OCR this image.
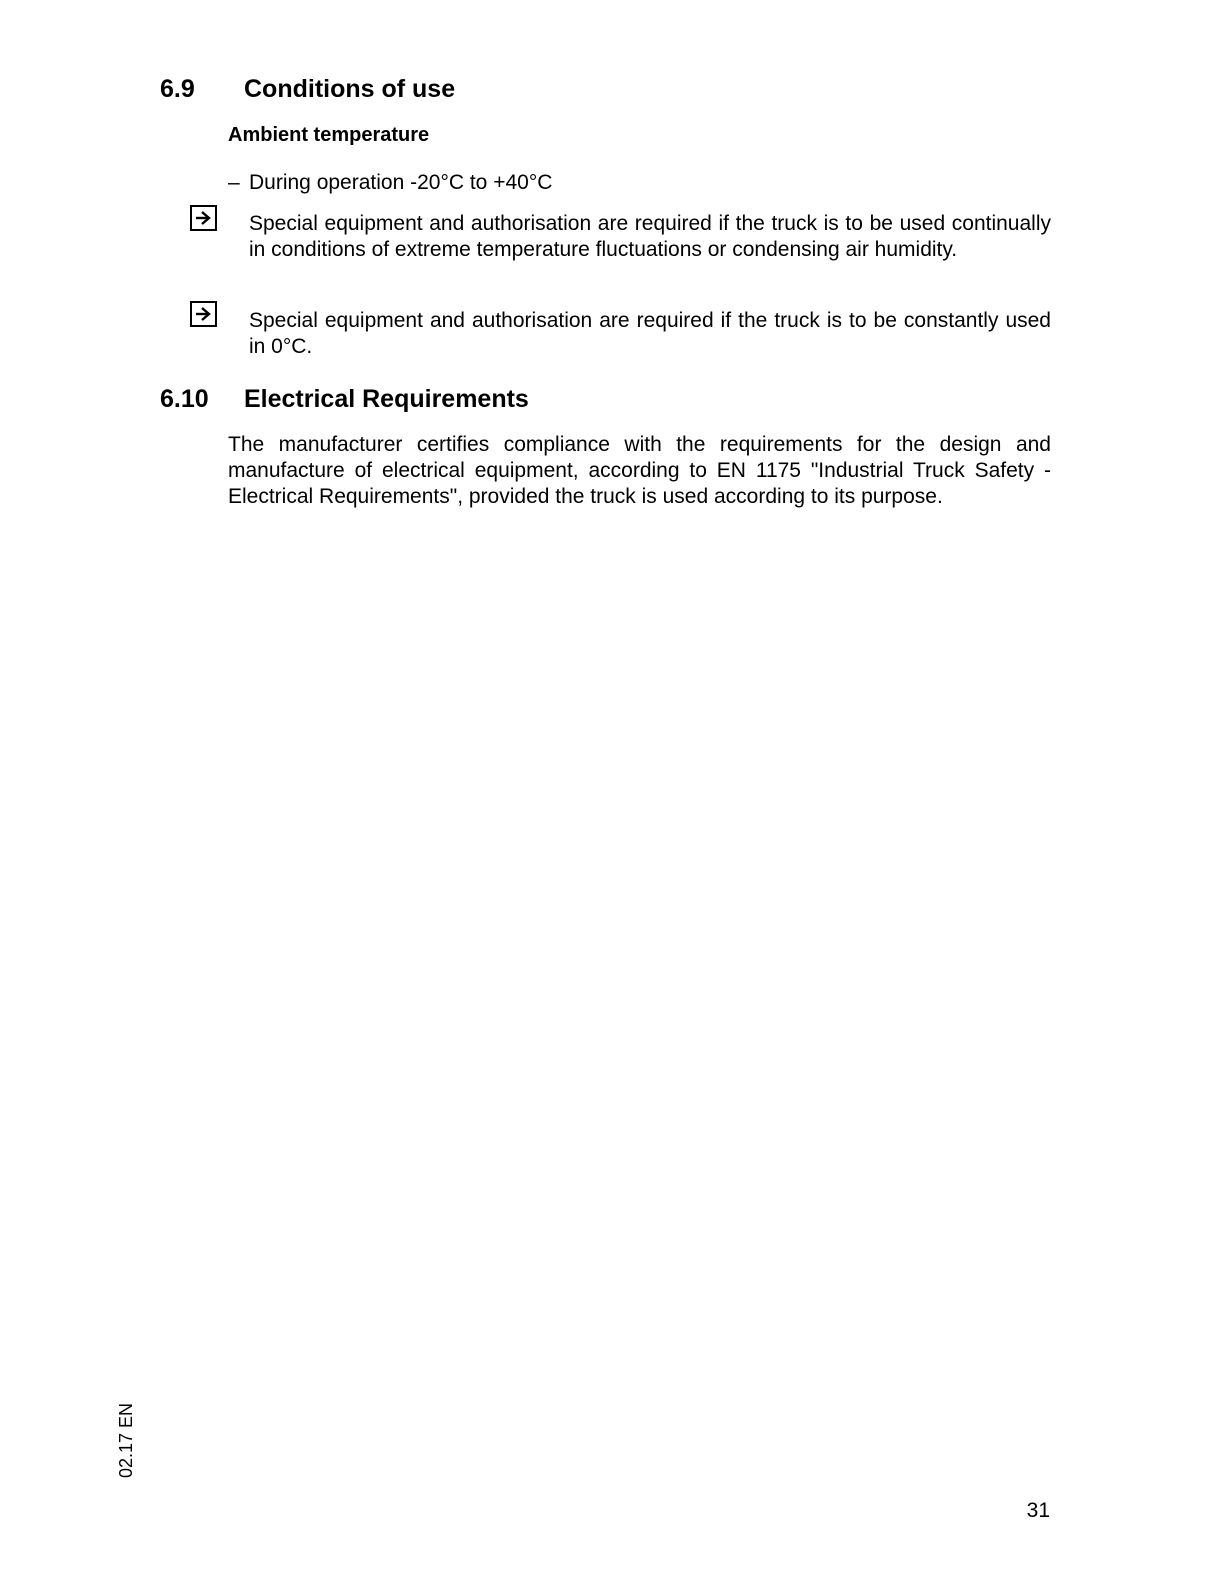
6.9 Conditions of use
Ambient temperature
– During operation -20°C to +40°C
Special equipment and authorisation are required if the truck is to be used continually in conditions of extreme temperature fluctuations or condensing air humidity.
Special equipment and authorisation are required if the truck is to be constantly used in 0°C.
6.10 Electrical Requirements
The manufacturer certifies compliance with the requirements for the design and manufacture of electrical equipment, according to EN 1175 "Industrial Truck Safety - Electrical Requirements", provided the truck is used according to its purpose.
02.17 EN
31
